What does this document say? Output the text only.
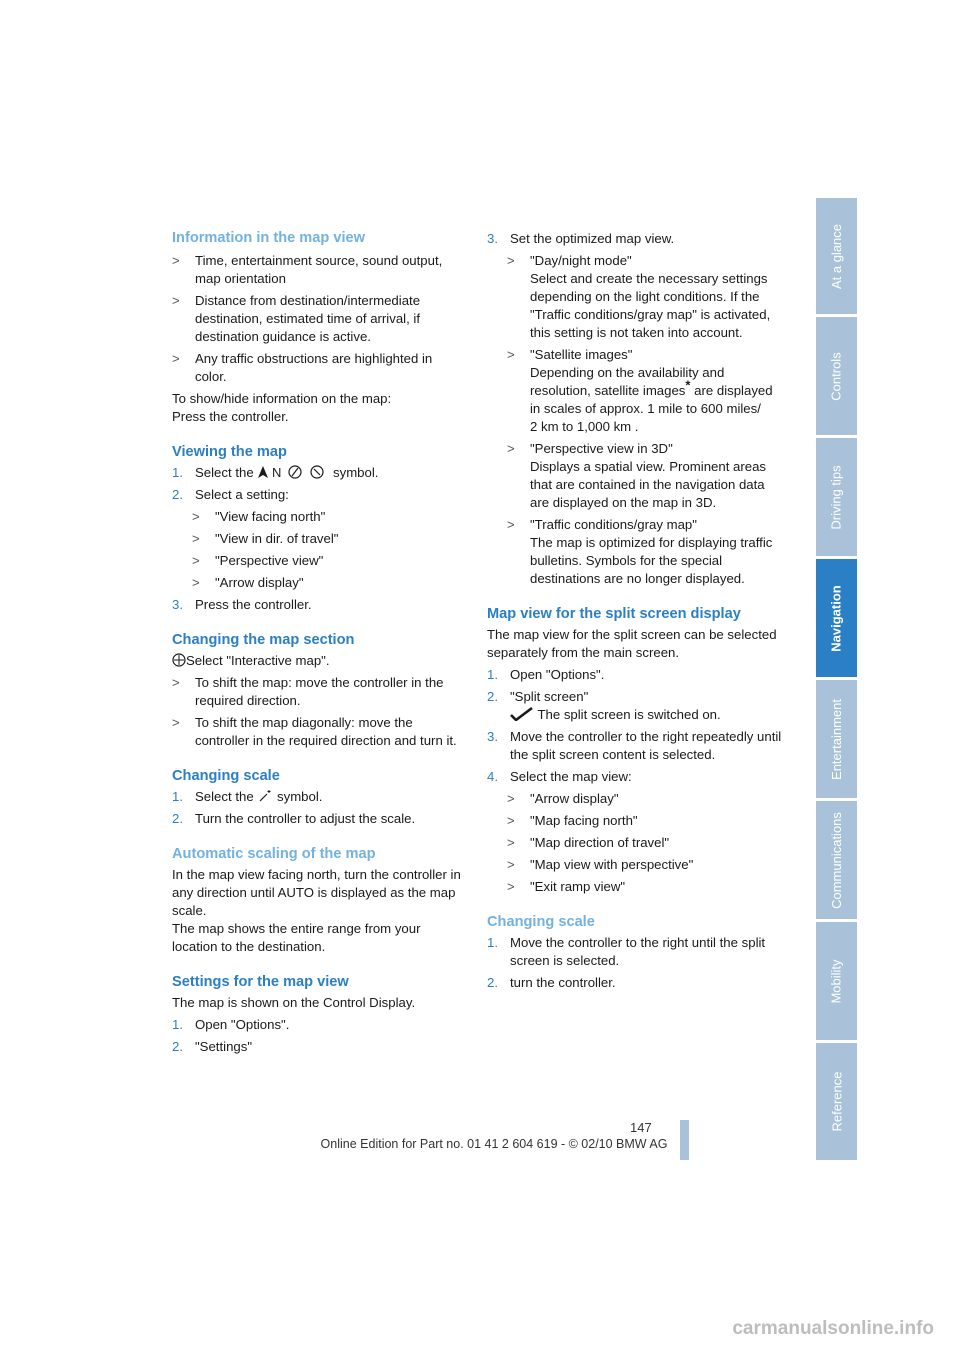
At a glance
Controls
Driving tips
Navigation
Entertainment
Communications
Mobility
Reference
Information in the map view
> Time, entertainment source, sound output, map orientation
> Distance from destination/intermediate destination, estimated time of arrival, if destination guidance is active.
> Any traffic obstructions are highlighted in color.

To show/hide information on the map:

Press the controller.

Viewing the map
1. Select the N	symbol.
2. Select a setting:
> "View facing north"
> "View in dir. of travel"
> "Perspective view"
> "Arrow display"
3. Press the controller.
Changing the map section

Select "Interactive map".

> To shift the map: move the controller in the required direction.
> To shift the map diagonally: move the controller in the required direction and turn it.
Changing scale
1. Select the symbol.
2. Turn the controller to adjust the scale.
Automatic scaling of the map

In the map view facing north, turn the controller in any direction until AUTO is displayed as the map scale.

The map shows the entire range from your location to the destination.

Settings for the map view

The map is shown on the Control Display.

1. Open "Options".
2. "Settings"
3. Set the optimized map view.
> "Day/night mode"
Select and create the necessary settings depending on the light conditions. If the "Traffic conditions/gray map" is activated, this setting is not taken into account.
> "Satellite images"
Depending on the availability and resolution, satellite images* are displayed in scales of approx. 1 mile to 600 miles/
2 km to 1,000 km .
> "Perspective view in 3D"
Displays a spatial view. Prominent areas that are contained in the navigation data are displayed on the map in 3D.
> "Traffic conditions/gray map"
The map is optimized for displaying traffic bulletins. Symbols for the special destinations are no longer displayed.
Map view for the split screen display

The map view for the split screen can be selected separately from the main screen.

1. Open "Options".
2. "Split screen"
The split screen is switched on.
3. Move the controller to the right repeatedly until the split screen content is selected.
4. Select the map view:
> "Arrow display"
> "Map facing north"
> "Map direction of travel"
> "Map view with perspective"
> "Exit ramp view"
Changing scale
1. Move the controller to the right until the split screen is selected.
2. turn the controller.
147
Online Edition for Part no. 01 41 2 604 619 - © 02/10 BMW AG
carmanualsonline.info
